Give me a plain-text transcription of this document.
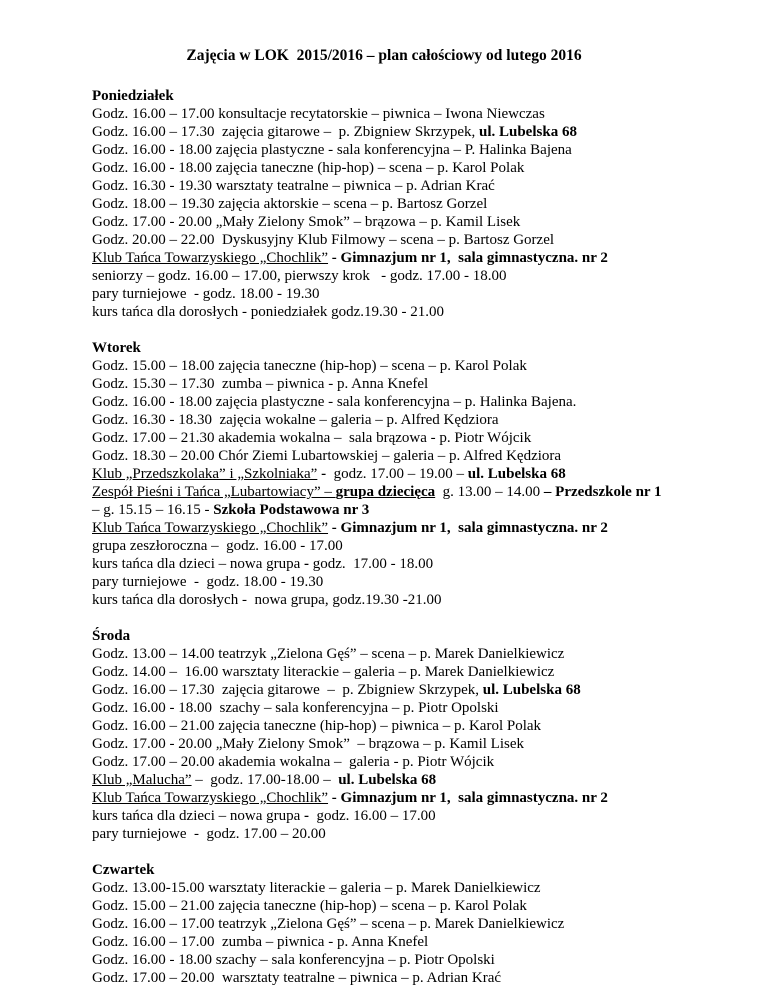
Zajęcia w LOK  2015/2016 – plan całościowy od lutego 2016

Poniedziałek

Godz. 16.00 – 17.00 konsultacje recytatorskie – piwnica – Iwona Niewczas

Godz. 16.00 – 17.30  zajęcia gitarowe –  p. Zbigniew Skrzypek, ul. Lubelska 68

Godz. 16.00 - 18.00 zajęcia plastyczne - sala konferencyjna – P. Halinka Bajena

Godz. 16.00 - 18.00 zajęcia taneczne (hip-hop) – scena – p. Karol Polak

Godz. 16.30 - 19.30 warsztaty teatralne – piwnica – p. Adrian Krać

Godz. 18.00 – 19.30 zajęcia aktorskie – scena – p. Bartosz Gorzel

Godz. 17.00 - 20.00 „Mały Zielony Smok” – brązowa – p. Kamil Lisek

Godz. 20.00 – 22.00  Dyskusyjny Klub Filmowy – scena – p. Bartosz Gorzel

Klub Tańca Towarzyskiego „Chochlik” - Gimnazjum nr 1,  sala gimnastyczna. nr 2

seniorzy – godz. 16.00 – 17.00, pierwszy krok   - godz. 17.00 - 18.00

pary turniejowe  - godz. 18.00 - 19.30

kurs tańca dla dorosłych - poniedziałek godz.19.30 - 21.00

Wtorek

Godz. 15.00 – 18.00 zajęcia taneczne (hip-hop) – scena – p. Karol Polak

Godz. 15.30 – 17.30  zumba – piwnica - p. Anna Knefel

Godz. 16.00 - 18.00 zajęcia plastyczne - sala konferencyjna – p. Halinka Bajena.

Godz. 16.30 - 18.30  zajęcia wokalne – galeria – p. Alfred Kędziora

Godz. 17.00 – 21.30 akademia wokalna –  sala brązowa - p. Piotr Wójcik

Godz. 18.30 – 20.00 Chór Ziemi Lubartowskiej – galeria – p. Alfred Kędziora

Klub „Przedszkolaka” i „Szkolniaka” -  godz. 17.00 – 19.00 – ul. Lubelska 68

Zespół Pieśni i Tańca „Lubartowiacy” – grupa dziecięca  g. 13.00 – 14.00 – Przedszkole nr 1

– g. 15.15 – 16.15 - Szkoła Podstawowa nr 3

Klub Tańca Towarzyskiego „Chochlik” - Gimnazjum nr 1,  sala gimnastyczna. nr 2

grupa zeszłoroczna –  godz. 16.00 - 17.00

kurs tańca dla dzieci – nowa grupa - godz.  17.00 - 18.00

pary turniejowe  -  godz. 18.00 - 19.30

kurs tańca dla dorosłych -  nowa grupa, godz.19.30 -21.00

Środa

Godz. 13.00 – 14.00 teatrzyk „Zielona Gęś” – scena – p. Marek Danielkiewicz

Godz. 14.00 –  16.00 warsztaty literackie – galeria – p. Marek Danielkiewicz

Godz. 16.00 – 17.30  zajęcia gitarowe  –  p. Zbigniew Skrzypek, ul. Lubelska 68

Godz. 16.00 - 18.00  szachy – sala konferencyjna – p. Piotr Opolski

Godz. 16.00 – 21.00 zajęcia taneczne (hip-hop) – piwnica – p. Karol Polak

Godz. 17.00 - 20.00 „Mały Zielony Smok”  – brązowa – p. Kamil Lisek

Godz. 17.00 – 20.00 akademia wokalna –  galeria - p. Piotr Wójcik

Klub „Malucha” –  godz. 17.00-18.00 –  ul. Lubelska 68

Klub Tańca Towarzyskiego „Chochlik” - Gimnazjum nr 1,  sala gimnastyczna. nr 2

kurs tańca dla dzieci – nowa grupa -  godz. 16.00 – 17.00

pary turniejowe  -  godz. 17.00 – 20.00

Czwartek

Godz. 13.00-15.00 warsztaty literackie – galeria – p. Marek Danielkiewicz

Godz. 15.00 – 21.00 zajęcia taneczne (hip-hop) – scena – p. Karol Polak

Godz. 16.00 – 17.00 teatrzyk „Zielona Gęś” – scena – p. Marek Danielkiewicz

Godz. 16.00 – 17.00  zumba – piwnica - p. Anna Knefel

Godz. 16.00 - 18.00 szachy – sala konferencyjna – p. Piotr Opolski

Godz. 17.00 – 20.00  warsztaty teatralne – piwnica – p. Adrian Krać
